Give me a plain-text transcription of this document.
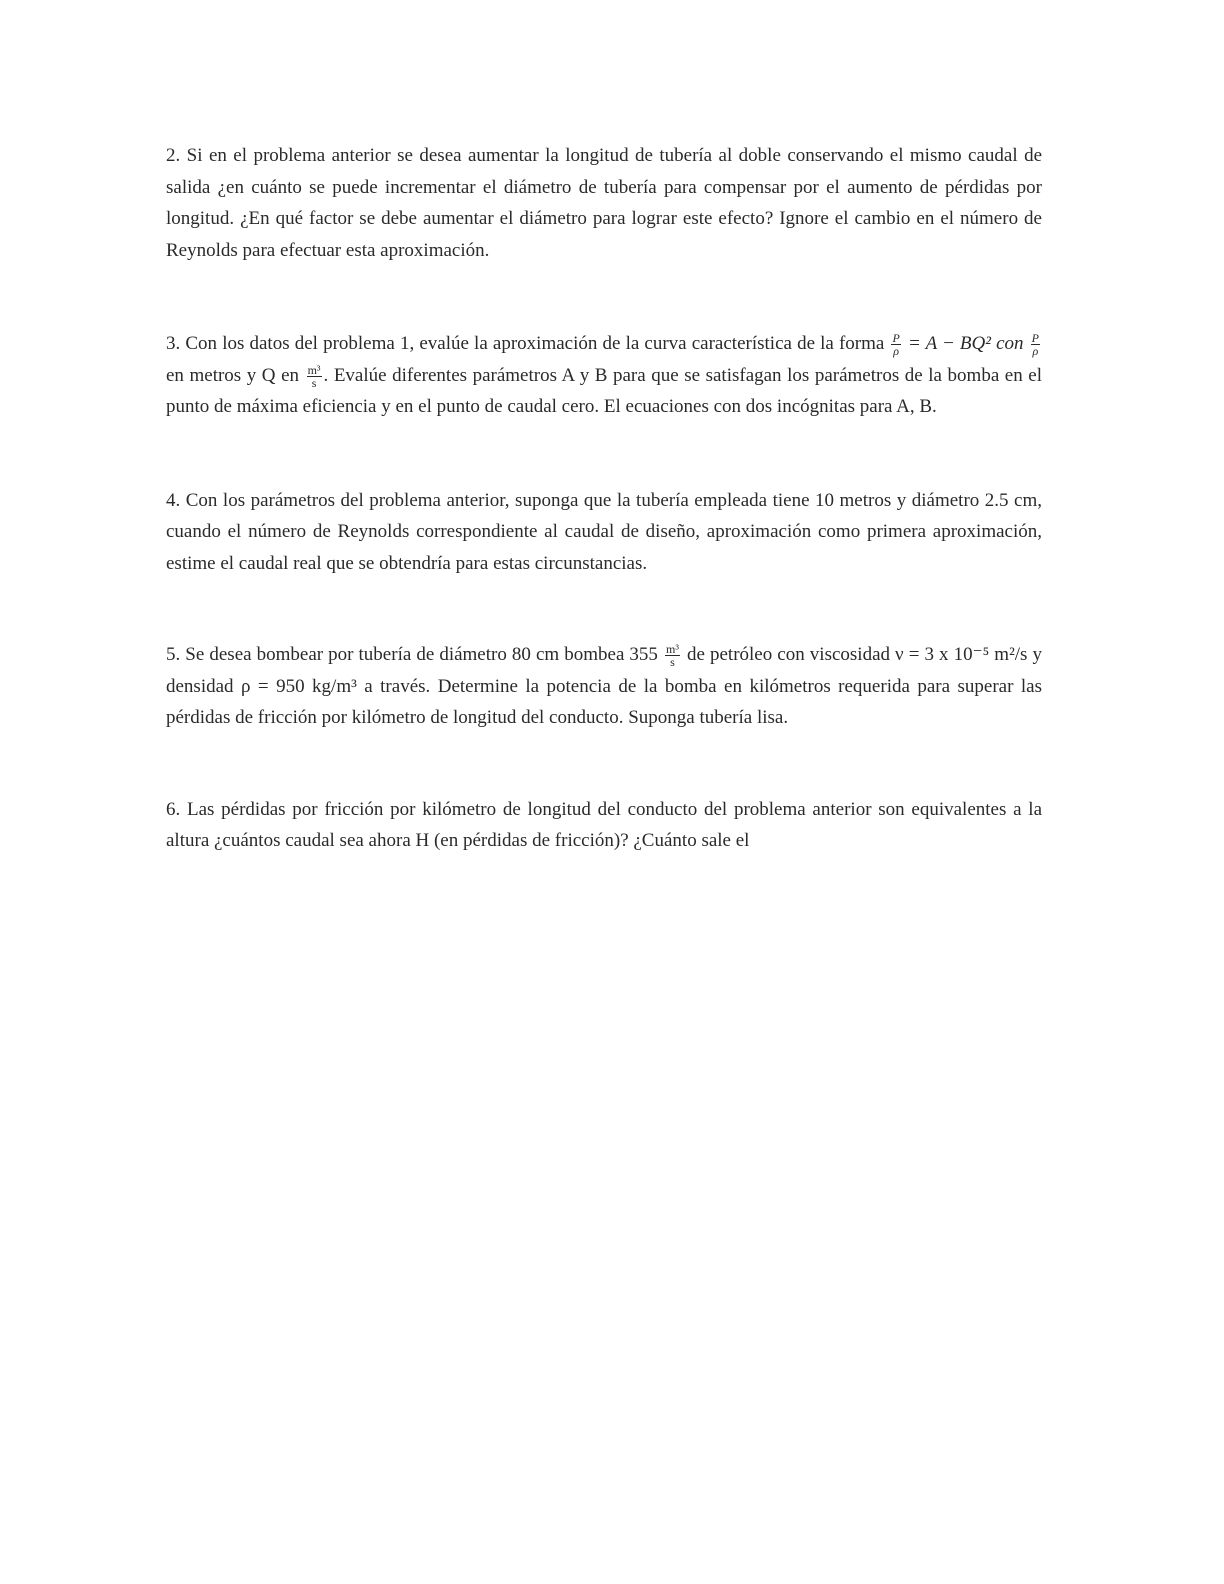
2. Si en el problema anterior se desea aumentar la longitud de tubería al doble conservando el mismo caudal de salida ¿en cuánto se puede incrementar el diámetro de tubería para compensar por el aumento de pérdidas por longitud. ¿En qué factor se debe aumentar el diámetro para lograr este efecto? Ignore el cambio en el número de Reynolds para efectuar esta aproximación.

3. Con los datos del problema 1, evalúe la aproximación de la curva característica de la forma $\frac{P}{\rho} = A - BQ^2$ con $\frac{P}{\rho}$
en metros y Q en $\frac{\text{m³}}{s}$ . Evalúe diferentes parámetros A y B para que se satisfagan los parámetros de la bomba en el punto de máxima eficiencia y en el punto de caudal cero. El ecuaciones con dos incógnitas para A, B.

4. Con los parámetros del problema anterior, suponga que la tubería empleada tiene 10 metros y diámetro 2.5 cm, cuando el número de Reynolds correspondiente al caudal de diseño, aproximación como primera aproximación, estime el caudal real que se obtendría para estas circunstancias.

5. Se desea bombear por tubería de diámetro 80 cm bombea $355 \frac{\text{m³}}{s}$ de petróleo con viscosidad ν = 3 x 10⁻⁵ m²/s y densidad ρ = 950 kg/m³ a través. Determine la potencia de la bomba en kilómetros requerida para superar las pérdidas de fricción por kilómetro de longitud del conducto. Suponga tubería lisa.

6. Las pérdidas por fricción por kilómetro de longitud del conducto del problema anterior son equivalentes a la altura ¿cuántos caudal sea ahora H (en pérdidas de fricción)? ¿Cuánto sale el
